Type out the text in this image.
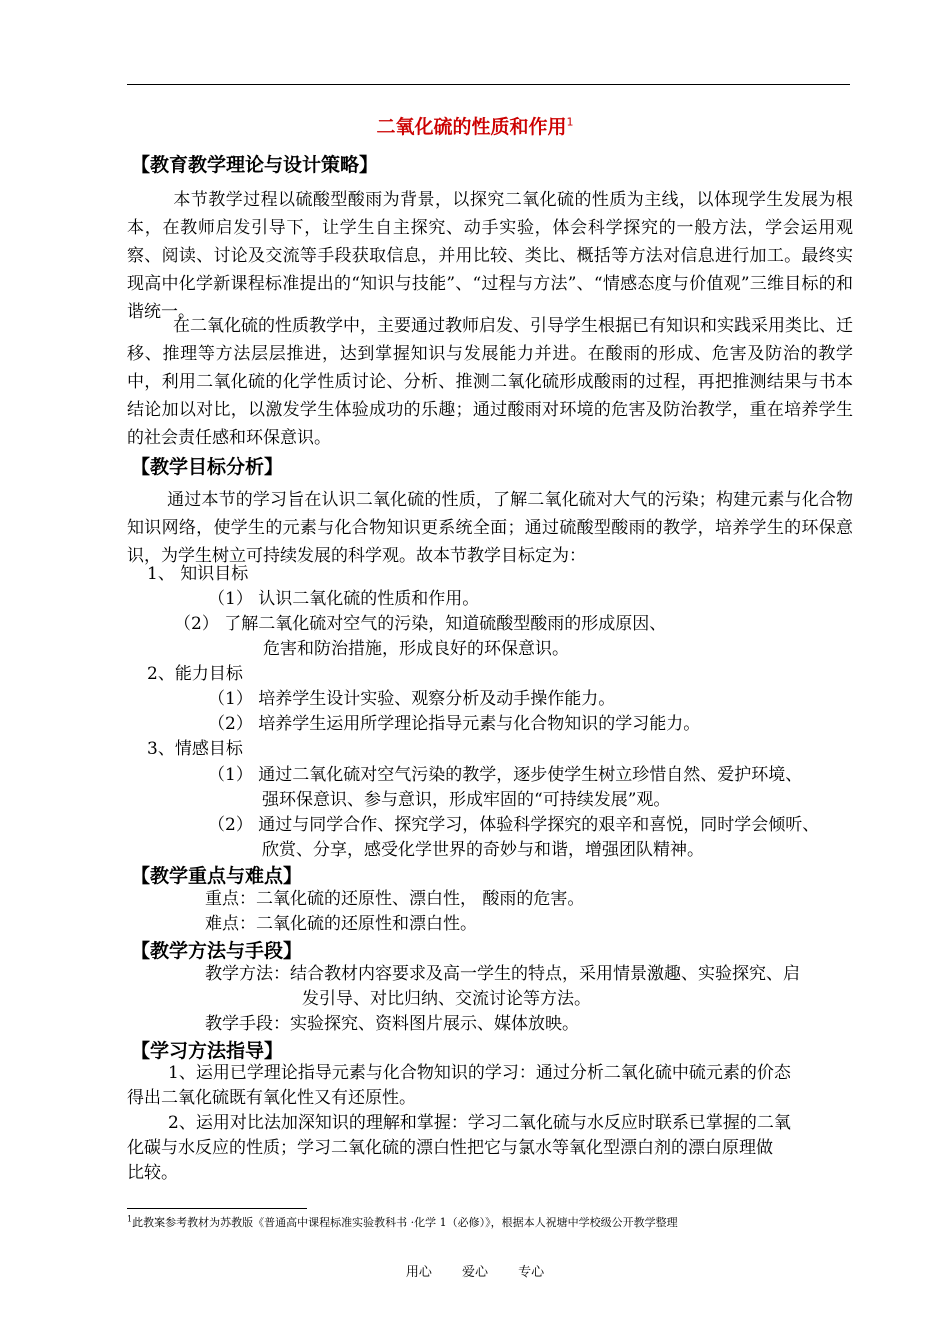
二氧化硫的性质和作用$^1$
【教育教学理论与设计策略】
本节教学过程以硫酸型酸雨为背景，以探究二氧化硫的性质为主线，以体现学生发展为根本，在教师启发引导下，让学生自主探究、动手实验，体会科学探究的一般方法，学会运用观察、阅读、讨论及交流等手段获取信息，并用比较、类比、概括等方法对信息进行加工。最终实现高中化学新课程标准提出的“知识与技能”、“过程与方法”、“情感态度与价值观”三维目标的和谐统一。
在二氧化硫的性质教学中，主要通过教师启发、引导学生根据已有知识和实践采用类比、迁移、推理等方法层层推进，达到掌握知识与发展能力并进。在酸雨的形成、危害及防治的教学中，利用二氧化硫的化学性质讨论、分析、推测二氧化硫形成酸雨的过程，再把推测结果与书本结论加以对比，以激发学生体验成功的乐趣；通过酸雨对环境的危害及防治教学，重在培养学生的社会责任感和环保意识。
【教学目标分析】
通过本节的学习旨在认识二氧化硫的性质，了解二氧化硫对大气的污染；构建元素与化合物知识网络，使学生的元素与化合物知识更系统全面；通过硫酸型酸雨的教学，培养学生的环保意识，为学生树立可持续发展的科学观。故本节教学目标定为：
1、 知识目标
（1） 认识二氧化硫的性质和作用。
（2） 了解二氧化硫对空气的污染，知道硫酸型酸雨的形成原因、
危害和防治措施，形成良好的环保意识。
2、能力目标
（1） 培养学生设计实验、观察分析及动手操作能力。
（2） 培养学生运用所学理论指导元素与化合物知识的学习能力。
3、情感目标
（1） 通过二氧化硫对空气污染的教学，逐步使学生树立珍惜自然、爱护环境、
强环保意识、参与意识，形成牢固的“可持续发展”观。
（2） 通过与同学合作、探究学习，体验科学探究的艰辛和喜悦，同时学会倾听、
欣赏、分享，感受化学世界的奇妙与和谐，增强团队精神。
【教学重点与难点】
重点：二氧化硫的还原性、漂白性， 酸雨的危害。
难点：二氧化硫的还原性和漂白性。
【教学方法与手段】
教学方法：结合教材内容要求及高一学生的特点，采用情景激趣、实验探究、启
发引导、对比归纳、交流讨论等方法。
教学手段：实验探究、资料图片展示、媒体放映。
【学习方法指导】
1、运用已学理论指导元素与化合物知识的学习：通过分析二氧化硫中硫元素的价态
得出二氧化硫既有氧化性又有还原性。
2、运用对比法加深知识的理解和掌握：学习二氧化硫与水反应时联系已掌握的二氧
化碳与水反应的性质；学习二氧化硫的漂白性把它与氯水等氧化型漂白剂的漂白原理做
比较。
$^1$此教案参考教材为苏教版《普通高中课程标准实验教科书 ·化学 1（必修）》，根据本人祝塘中学校级公开教学整理
用心 爱心 专心
